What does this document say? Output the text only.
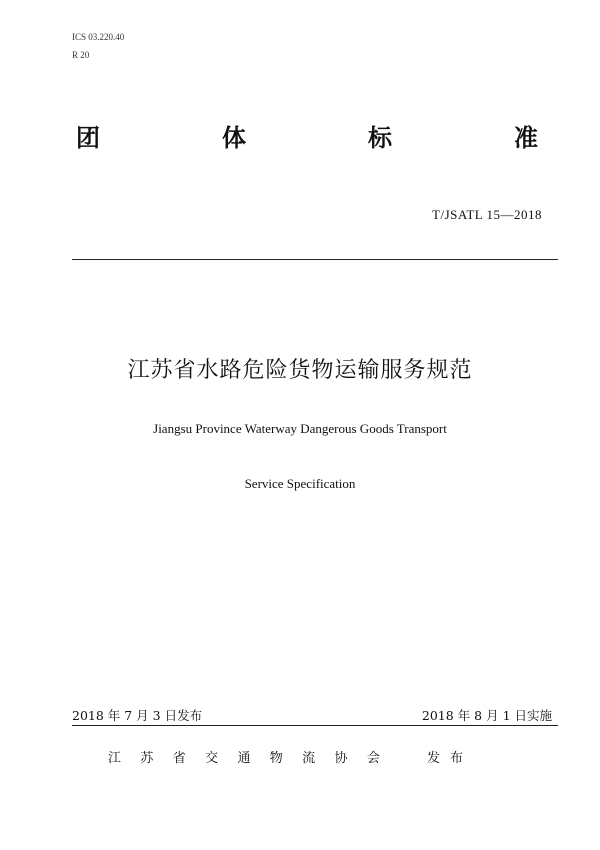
ICS 03.220.40
R 20
团	体	标	准
T/JSATL 15—2018
江苏省水路危险货物运输服务规范
Jiangsu Province Waterway Dangerous Goods Transport
Service Specification
2018 年 7 月 3 日发布	2018 年 8 月 1 日实施
江 苏 省 交 通 物 流 协 会	发布
